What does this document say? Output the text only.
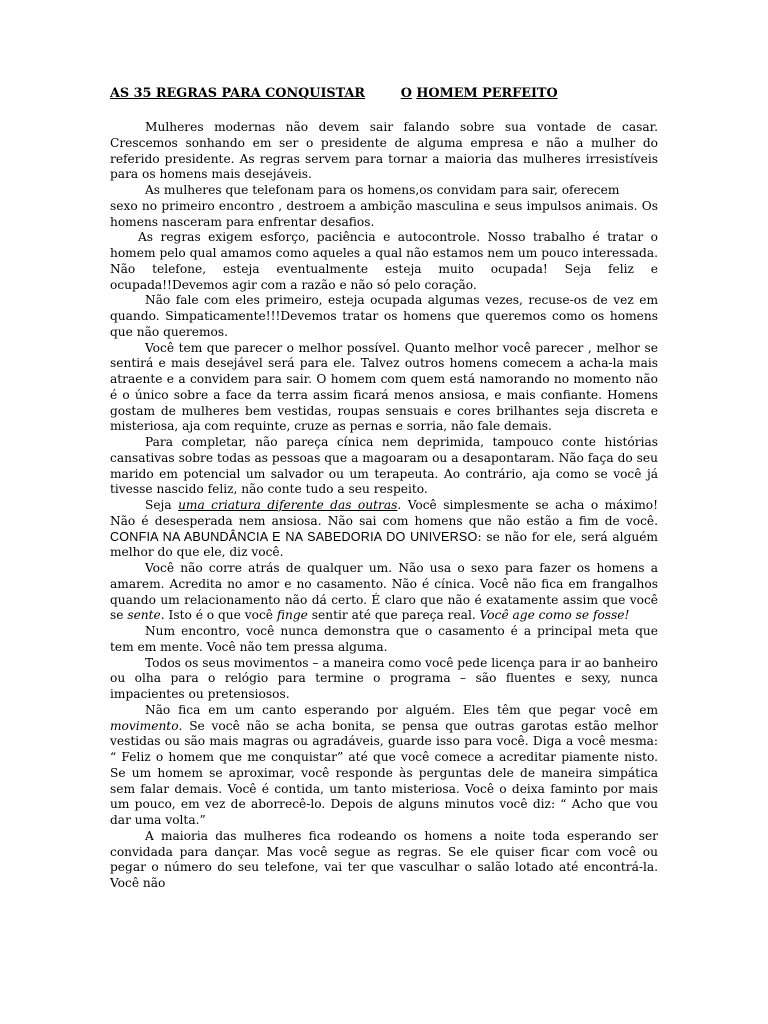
AS 35 REGRAS PARA CONQUISTAR	O HOMEM PERFEITO

Mulheres modernas não devem sair falando sobre sua vontade de casar. Crescemos sonhando em ser o presidente de alguma empresa e não a mulher do referido presidente. As regras servem para tornar a maioria das mulheres irresistíveis para os homens mais desejáveis.

As mulheres que telefonam para os homens,os convidam para sair, oferecem

sexo no primeiro encontro , destroem a ambição masculina e seus impulsos animais. Os homens nasceram para enfrentar desafios.

As regras exigem esforço, paciência e autocontrole. Nosso trabalho é tratar o homem pelo qual amamos como aqueles a qual não estamos nem um pouco interessada. Não telefone, esteja eventualmente esteja muito ocupada! Seja feliz e ocupada!!Devemos agir com a razão e não só pelo coração.

Não fale com eles primeiro, esteja ocupada algumas vezes, recuse-os de vez em quando. Simpaticamente!!!Devemos tratar os homens que queremos como os homens que não queremos.

Você tem que parecer o melhor possível. Quanto melhor você parecer , melhor se sentirá e mais desejável será para ele. Talvez outros homens comecem a acha-la mais atraente e a convidem para sair. O homem com quem está namorando no momento não é o único sobre a face da terra assim ficará menos ansiosa, e mais confiante. Homens gostam de mulheres bem vestidas, roupas sensuais e cores brilhantes seja discreta e misteriosa, aja com requinte, cruze as pernas e sorria, não fale demais.

Para completar, não pareça cínica nem deprimida, tampouco conte histórias cansativas sobre todas as pessoas que a magoaram ou a desapontaram. Não faça do seu marido em potencial um salvador ou um terapeuta. Ao contrário, aja como se você já tivesse nascido feliz, não conte tudo a seu respeito.

Seja uma criatura diferente das outras. Você simplesmente se acha o máximo! Não é desesperada nem ansiosa. Não sai com homens que não estão a fim de você. CONFIA NA ABUNDÂNCIA E NA SABEDORIA DO UNIVERSO: se não for ele, será alguém melhor do que ele, diz você.

Você não corre atrás de qualquer um. Não usa o sexo para fazer os homens a amarem. Acredita no amor e no casamento. Não é cínica. Você não fica em frangalhos quando um relacionamento não dá certo. É claro que não é exatamente assim que você se sente. Isto é o que você finge sentir até que pareça real. Você age como se fosse!

Num encontro, você nunca demonstra que o casamento é a principal meta que tem em mente. Você não tem pressa alguma.

Todos os seus movimentos – a maneira como você pede licença para ir ao banheiro ou olha para o relógio para termine o programa – são fluentes e sexy, nunca impacientes ou pretensiosos.

Não fica em um canto esperando por alguém. Eles têm que pegar você em movimento. Se você não se acha bonita, se pensa que outras garotas estão melhor vestidas ou são mais magras ou agradáveis, guarde isso para você. Diga a você mesma: “ Feliz o homem que me conquistar” até que você comece a acreditar piamente nisto. Se um homem se aproximar, você responde às perguntas dele de maneira simpática sem falar demais. Você é contida, um tanto misteriosa. Você o deixa faminto por mais um pouco, em vez de aborrecê-lo. Depois de alguns minutos você diz: “ Acho que vou dar uma volta.”

A maioria das mulheres fica rodeando os homens a noite toda esperando ser convidada para dançar. Mas você segue as regras. Se ele quiser ficar com você ou pegar o número do seu telefone, vai ter que vasculhar o salão lotado até encontrá-la. Você não
